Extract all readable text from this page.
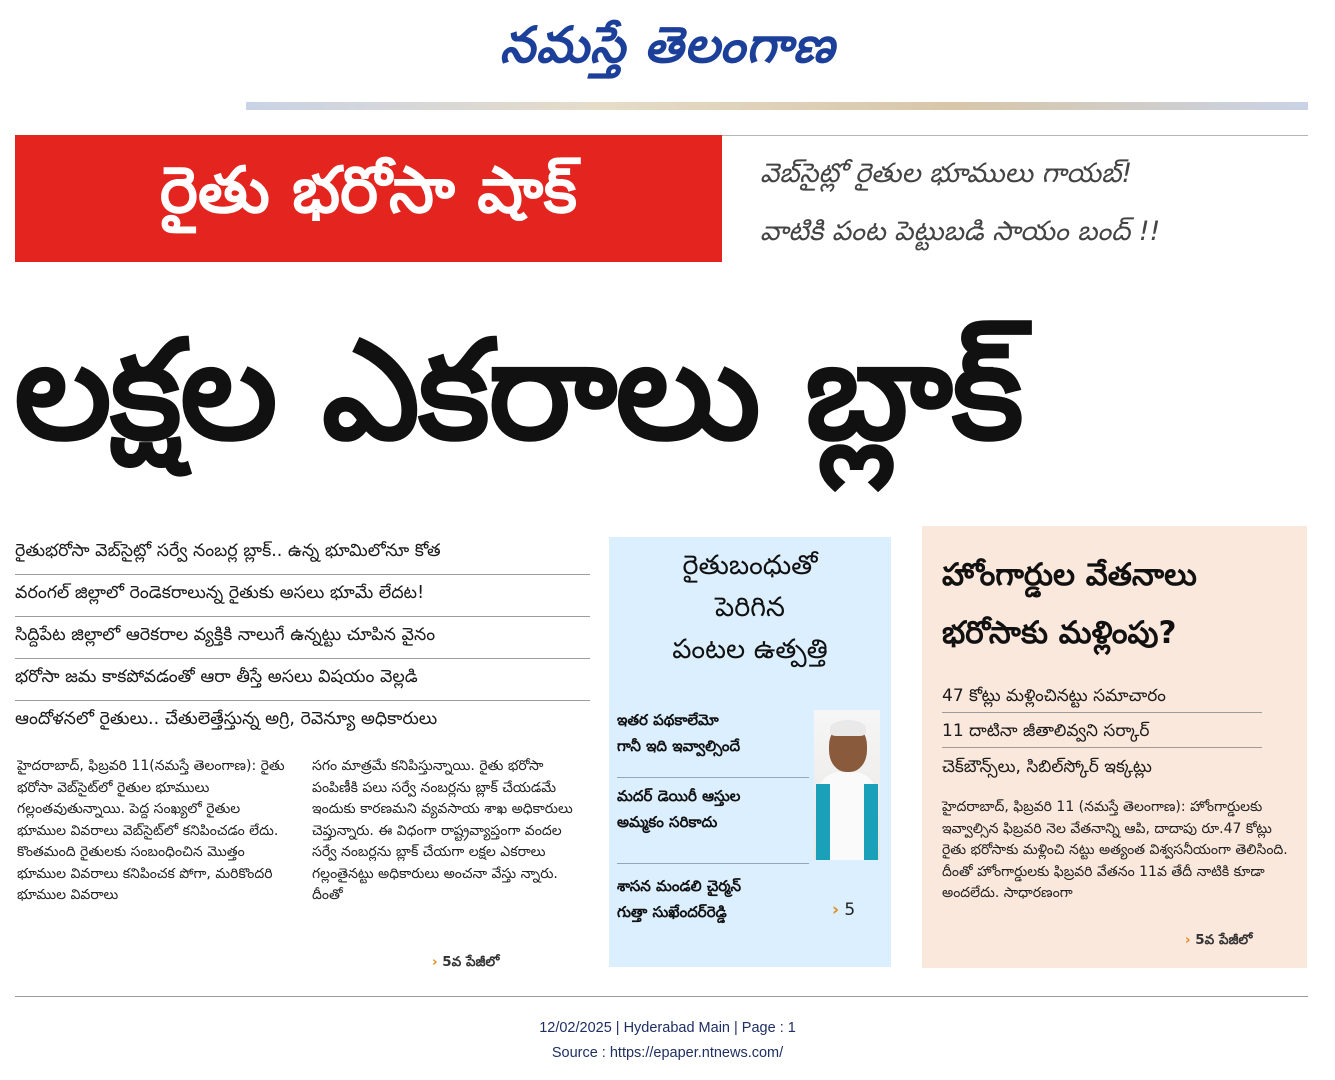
నమస్తే తెలంగాణ
రైతు భరోసా షాక్	వెబ్‌సైట్లో రైతుల భూములు గాయబ్!
వాటికి పంట పెట్టుబడి సాయం బంద్ !!
లక్షల ఎకరాలు బ్లాక్
రైతుభరోసా వెబ్‌సైట్లో సర్వే నంబర్ల బ్లాక్.. ఉన్న భూమిలోనూ కోత
వరంగల్ జిల్లాలో రెండెకరాలున్న రైతుకు అసలు భూమే లేదట!
సిద్దిపేట జిల్లాలో ఆరెకరాల వ్యక్తికి నాలుగే ఉన్నట్టు చూపిన వైనం
భరోసా జమ కాకపోవడంతో ఆరా తీస్తే అసలు విషయం వెల్లడి
ఆందోళనలో రైతులు.. చేతులెత్తేస్తున్న అగ్రి, రెవెన్యూ అధికారులు
హైదరాబాద్, ఫిబ్రవరి 11(నమస్తే తెలంగాణ): రైతు భరోసా వెబ్‌సైట్‌లో రైతుల భూములు గల్లంతవుతున్నాయి. పెద్ద సంఖ్యలో రైతుల భూముల వివరాలు వెబ్‌సైట్‌లో కనిపించడం లేదు. కొంతమంది రైతులకు సంబంధించిన మొత్తం భూముల వివరాలు కనిపించక పోగా, మరికొందరి భూముల వివరాలు
సగం మాత్రమే కనిపిస్తున్నాయి. రైతు భరోసా పంపిణీకి పలు సర్వే నంబర్లను బ్లాక్ చేయడమే ఇందుకు కారణమని వ్యవసాయ శాఖ అధికారులు చెప్తున్నారు. ఈ విధంగా రాష్ట్రవ్యాప్తంగా వందల సర్వే నంబర్లను బ్లాక్ చేయగా లక్షల ఎకరాలు గల్లంతైనట్టు అధికారులు అంచనా వేస్తు న్నారు. దీంతో
› 5వ పేజీలో
రైతుబంధుతో
పెరిగిన
పంటల ఉత్పత్తి
ఇతర పథకాలేమో
గానీ ఇది ఇవ్వాల్సిందే
మదర్ డెయిరీ ఆస్తుల
అమ్మకం సరికాదు
శాసన మండలి చైర్మన్
గుత్తా సుఖేందర్‌రెడ్డి	› 5
హోంగార్డుల వేతనాలు
భరోసాకు మళ్లింపు?
47 కోట్లు మళ్లించినట్టు సమాచారం
11 దాటినా జీతాలివ్వని సర్కార్
చెక్‌బౌన్స్‌లు, సిబిల్‌స్కోర్ ఇక్కట్లు
హైదరాబాద్, ఫిబ్రవరి 11 (నమస్తే తెలంగాణ): హోంగార్డులకు ఇవ్వాల్సిన ఫిబ్రవరి నెల వేతనాన్ని ఆపి, దాదాపు రూ.47 కోట్లు రైతు భరోసాకు మళ్లించి నట్టు అత్యంత విశ్వసనీయంగా తెలిసింది. దీంతో హోంగార్డులకు ఫిబ్రవరి వేతనం 11వ తేదీ నాటికి కూడా అందలేదు. సాధారణంగా
› 5వ పేజీలో
12/02/2025 | Hyderabad Main | Page : 1
Source : https://epaper.ntnews.com/
